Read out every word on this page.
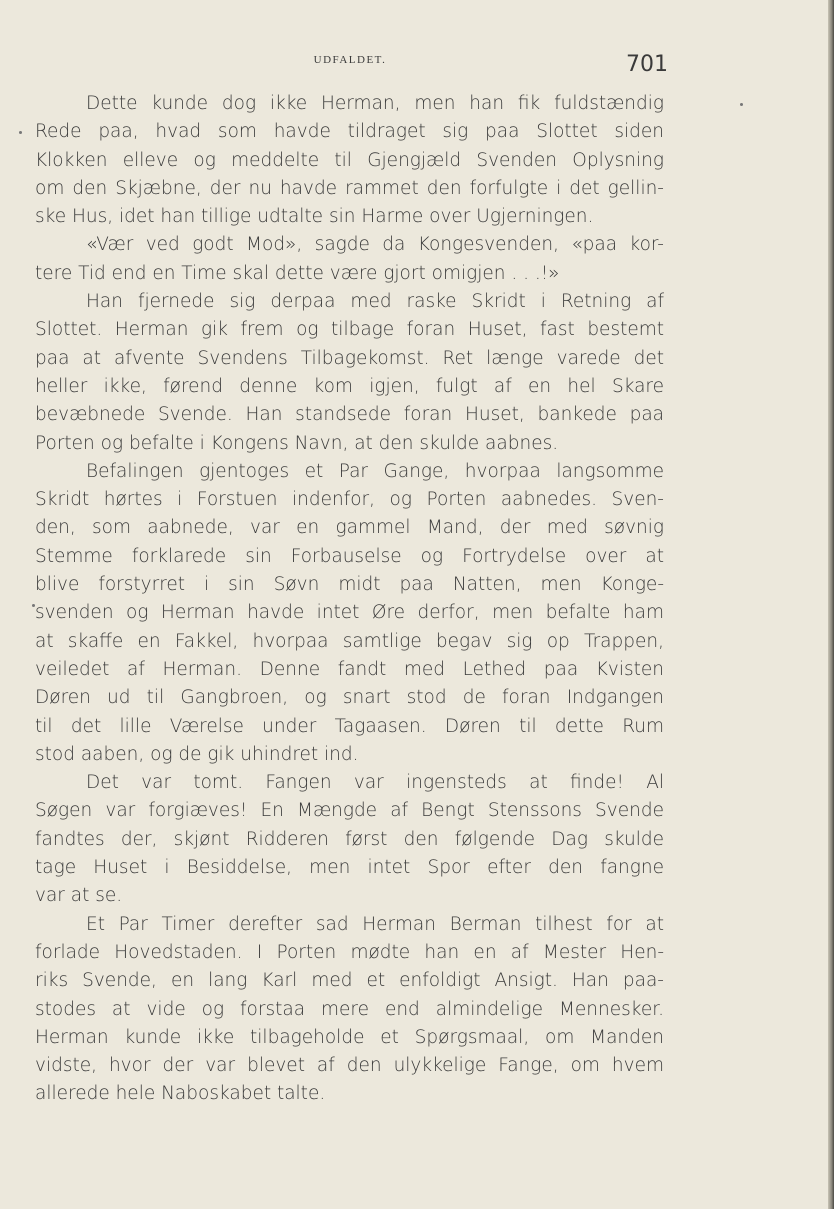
UDFALDET.	701
Dette kunde dog ikke Herman, men han fik fuldstændig
Rede paa, hvad som havde tildraget sig paa Slottet siden
Klokken elleve og meddelte til Gjengjæld Svenden Oplysning
om den Skjæbne, der nu havde rammet den forfulgte i det gellin-
ske Hus, idet han tillige udtalte sin Harme over Ugjerningen.
«Vær ved godt Mod», sagde da Kongesvenden, «paa kor-
tere Tid end en Time skal dette være gjort omigjen . . .!»
Han fjernede sig derpaa med raske Skridt i Retning af
Slottet. Herman gik frem og tilbage foran Huset, fast bestemt
paa at afvente Svendens Tilbagekomst. Ret længe varede det
heller ikke, førend denne kom igjen, fulgt af en hel Skare
bevæbnede Svende. Han standsede foran Huset, bankede paa
Porten og befalte i Kongens Navn, at den skulde aabnes.
Befalingen gjentoges et Par Gange, hvorpaa langsomme
Skridt hørtes i Forstuen indenfor, og Porten aabnedes. Sven-
den, som aabnede, var en gammel Mand, der med søvnig
Stemme forklarede sin Forbauselse og Fortrydelse over at
blive forstyrret i sin Søvn midt paa Natten, men Konge-
svenden og Herman havde intet Øre derfor, men befalte ham
at skaffe en Fakkel, hvorpaa samtlige begav sig op Trappen,
veiledet af Herman. Denne fandt med Lethed paa Kvisten
Døren ud til Gangbroen, og snart stod de foran Indgangen
til det lille Værelse under Tagaasen. Døren til dette Rum
stod aaben, og de gik uhindret ind.
Det var tomt. Fangen var ingensteds at finde! Al
Søgen var forgiæves! En Mængde af Bengt Stenssons Svende
fandtes der, skjønt Ridderen først den følgende Dag skulde
tage Huset i Besiddelse, men intet Spor efter den fangne
var at se.
Et Par Timer derefter sad Herman Berman tilhest for at
forlade Hovedstaden. I Porten mødte han en af Mester Hen-
riks Svende, en lang Karl med et enfoldigt Ansigt. Han paa-
stodes at vide og forstaa mere end almindelige Mennesker.
Herman kunde ikke tilbageholde et Spørgsmaal, om Manden
vidste, hvor der var blevet af den ulykkelige Fange, om hvem
allerede hele Naboskabet talte.
